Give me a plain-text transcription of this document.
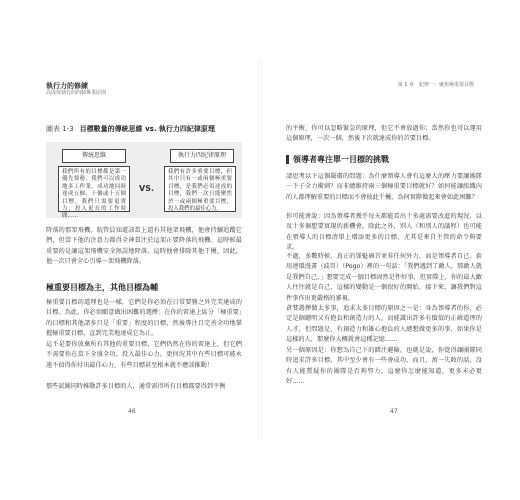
執行力的修練
高成效執行的四個專業原則
圖表 1-3 目標數量的傳統思維 vs. 執行力四紀律原理
傳統思維	執行力四紀律原理
我們所有的目標都是第一優先要務，我們可以成功地多工作業，成功地同時達成五個、十個或十五個目標，我們只需要更賣力，投入更長的工作時間……
VS.
我們有許多重要目標，但其中只有一或兩個極重要目標，是我們必須達成的目標，我們一次只能聚焦於一或兩個極重要目標，投入我們的最佳心力。

降落的那架飛機，航管員知道該當上還有其他架飛機，他會持續追蹤它們，但當下他的注意力都得全神貫注於這架正要降落的飛機。這時候最重要的是讓這架飛機安全無誤地降落。這時他會排除其他干擾，因此，他一次只會全心引導一架飛機降落。

極重要目標為主，其他目標為輔

極重要目標的道理也是一樣，它們是你必須在日常要務之外完美達成的目標。為此，你必須願意做出困難的選擇：在你的雷達上區分「極重要」的目標和其他諸多只是「重要」程度的目標，然後專注且完善全功地掌握極重要目標，直到完美地達成它為止。

這不是要你放棄所有其他的重要目標，它們仍然在你的雷達上，但它們不需要你在當下全盛全功、投入最佳心力，更何況其中有些目標可能永遠不值得你付出最佳心力，有些目標甚至根本就不應該推動！

那些試圖同時推動許多目標的人，通常需得所有目標都要得到平衡

46
第 1 章　紀律一：聚焦極重要目標

的平衡，你可以忽略緊急的原理，但它不會放過你；當然你也可以運用這個原理，一次一個，然後下次就達成你的首要目標。

領導者專注單一目標的挑戰

請思考以下這個嚴肅的問題：為什麼領導人會有這麼大的壓力要讓團隊一下子全力衝刺？而非總維持兩三個極重要目標就好？如何能讓組織內的人都理解重要的目標而不會彼此干擾，為何實際做起來會如此困難？

你可能會說：因為領導者幾乎每天都能看出十多處需要改進的現況，以及十多個想要實現的新機會。除此之外，別人（和別人的議程）也可能在領導人的目標清單上增添更多的目標，尤其是來自主管的命令與要求。

不過，多數時候，真正的罪魁禍首並非任何外力，而是領導者自己。套用連環漫畫（波哥）（Pogo）裡的一句話：「我們遇到了敵人，那敵人就是我們自己。」想要完成一個目標固然是件好事，但實際上，你的最大敵人往往就是自己，這樣的變動是一個很好的開始，接下來，讓我們對這件事作出更嚴格的審視。

貪婪選擇做太多事，追求太多目標的原因之一是：身為領導者的你，必定是個聰明又有抱負和創造力的人，而能識出許多有價值的正確道理的人才，但問題是，有創造力和雄心抱負的人總想做更多的事，如果你是這樣的人，那麼你大概就會這種記憶……

另一個原因是：你想為自己下的賭注避險，也就是說，你覺得讓團隊同時追求許多目標，其中至少會有一些會成功，而且，萬一失敗的話，沒有人能質疑你的團隊是否夠努力，這麼你怎麼能知道，更多未必更好……

47
